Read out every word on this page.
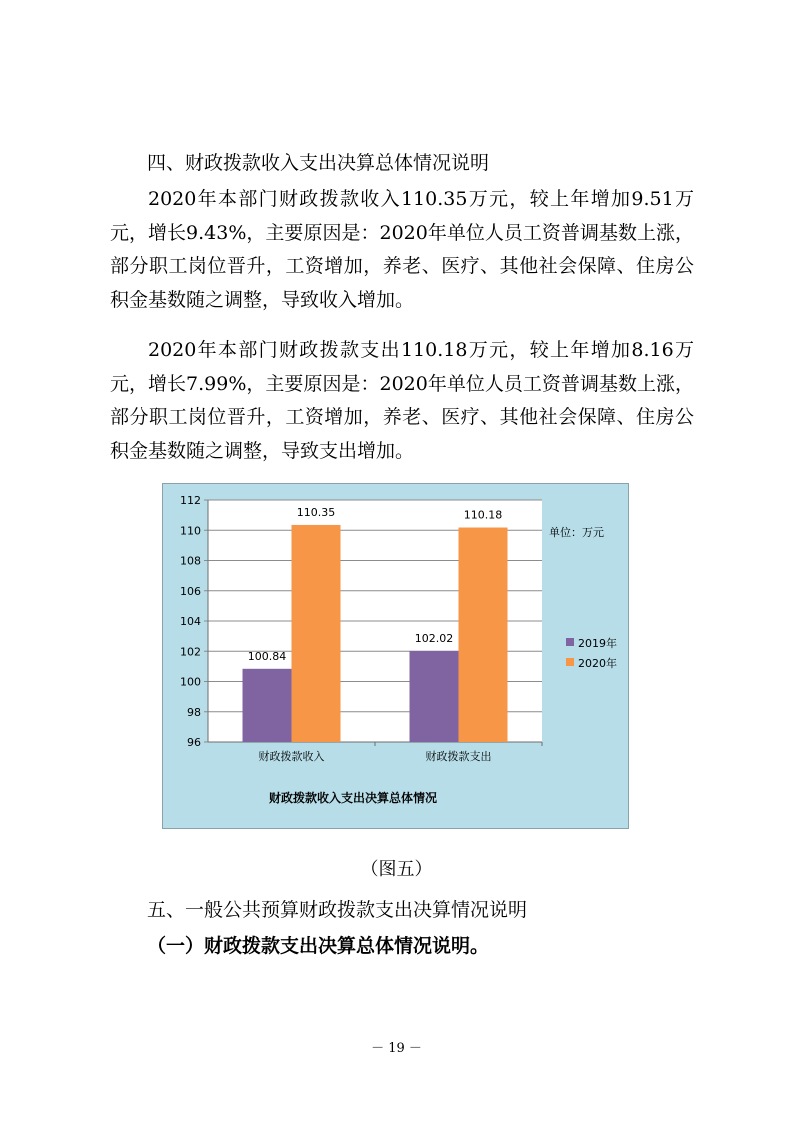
四、财政拨款收入支出决算总体情况说明

2020年本部门财政拨款收入110.35万元，较上年增加9.51万元，增长9.43%，主要原因是：2020年单位人员工资普调基数上涨，部分职工岗位晋升，工资增加，养老、医疗、其他社会保障、住房公积金基数随之调整，导致收入增加。

2020年本部门财政拨款支出110.18万元，较上年增加8.16万元，增长7.99%，主要原因是：2020年单位人员工资普调基数上涨，部分职工岗位晋升，工资增加，养老、医疗、其他社会保障、住房公积金基数随之调整，导致支出增加。

96
98
100
102
104
106
108
110
112
100.84
110.35
财政拨款收入
102.02
110.18
财政拨款支出
单位：万元
2019年
2020年
财政拨款收入支出决算总体情况
（图五）
五、一般公共预算财政拨款支出决算情况说明
（一）财政拨款支出决算总体情况说明。
－ 19 －
